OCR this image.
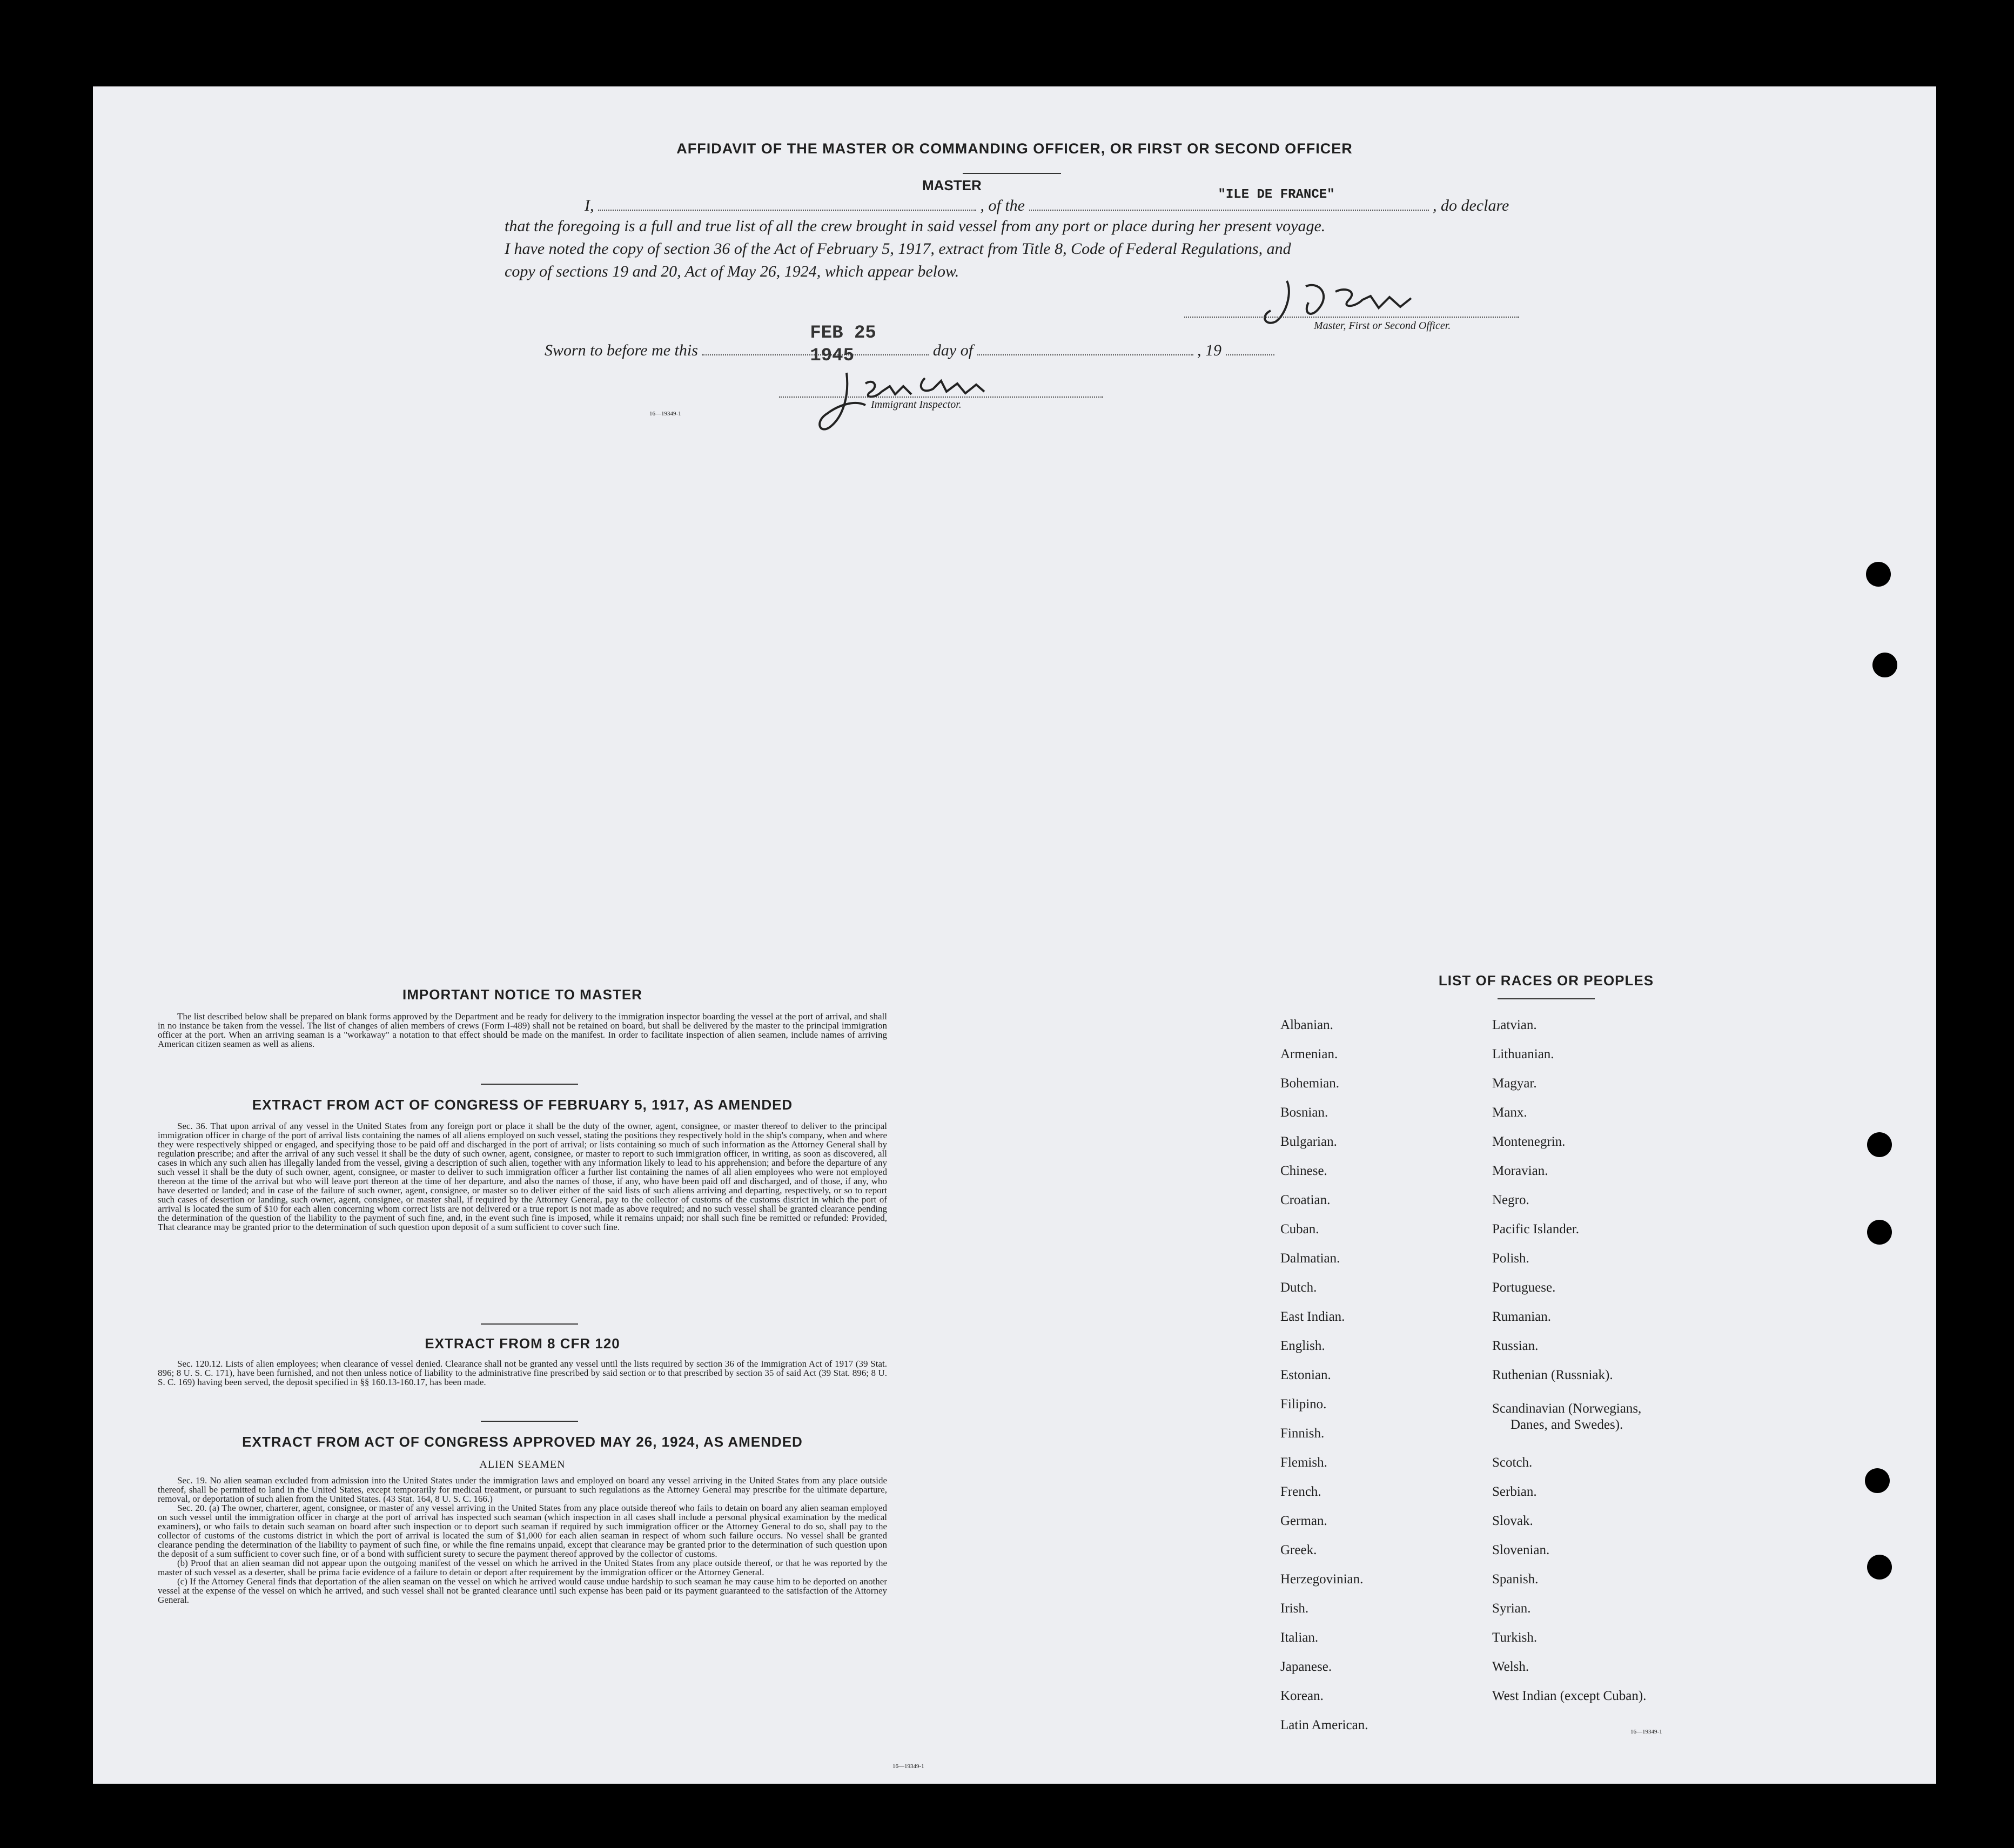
AFFIDAVIT OF THE MASTER OR COMMANDING OFFICER, OR FIRST OR SECOND OFFICER
I,
MASTER
, of the
"ILE DE FRANCE"
, do declare
that the foregoing is a full and true list of all the crew brought in said vessel from any port or place during her present voyage.
I have noted the copy of section 36 of the Act of February 5, 1917, extract from Title 8, Code of Federal Regulations, and
copy of sections 19 and 20, Act of May 26, 1924, which appear below.
Master, First or Second Officer.
Sworn to before me this
FEB 25 1945	day of	, 19
Immigrant Inspector.
16—19349-1
IMPORTANT NOTICE TO MASTER

The list described below shall be prepared on blank forms approved by the Department and be ready for delivery to the immigration inspector boarding the vessel at the port of arrival, and shall in no instance be taken from the vessel. The list of changes of alien members of crews (Form I-489) shall not be retained on board, but shall be delivered by the master to the principal immigration officer at the port. When an arriving seaman is a "workaway" a notation to that effect should be made on the manifest. In order to facilitate inspection of alien seamen, include names of arriving American citizen seamen as well as aliens.

EXTRACT FROM ACT OF CONGRESS OF FEBRUARY 5, 1917, AS AMENDED

Sec. 36. That upon arrival of any vessel in the United States from any foreign port or place it shall be the duty of the owner, agent, consignee, or master thereof to deliver to the principal immigration officer in charge of the port of arrival lists containing the names of all aliens employed on such vessel, stating the positions they respectively hold in the ship's company, when and where they were respectively shipped or engaged, and specifying those to be paid off and discharged in the port of arrival; or lists containing so much of such information as the Attorney General shall by regulation prescribe; and after the arrival of any such vessel it shall be the duty of such owner, agent, consignee, or master to report to such immigration officer, in writing, as soon as discovered, all cases in which any such alien has illegally landed from the vessel, giving a description of such alien, together with any information likely to lead to his apprehension; and before the departure of any such vessel it shall be the duty of such owner, agent, consignee, or master to deliver to such immigration officer a further list containing the names of all alien employees who were not employed thereon at the time of the arrival but who will leave port thereon at the time of her departure, and also the names of those, if any, who have been paid off and discharged, and of those, if any, who have deserted or landed; and in case of the failure of such owner, agent, consignee, or master so to deliver either of the said lists of such aliens arriving and departing, respectively, or so to report such cases of desertion or landing, such owner, agent, consignee, or master shall, if required by the Attorney General, pay to the collector of customs of the customs district in which the port of arrival is located the sum of $10 for each alien concerning whom correct lists are not delivered or a true report is not made as above required; and no such vessel shall be granted clearance pending the determination of the question of the liability to the payment of such fine, and, in the event such fine is imposed, while it remains unpaid; nor shall such fine be remitted or refunded: Provided, That clearance may be granted prior to the determination of such question upon deposit of a sum sufficient to cover such fine.

EXTRACT FROM 8 CFR 120

Sec. 120.12. Lists of alien employees; when clearance of vessel denied. Clearance shall not be granted any vessel until the lists required by section 36 of the Immigration Act of 1917 (39 Stat. 896; 8 U. S. C. 171), have been furnished, and not then unless notice of liability to the administrative fine prescribed by said section or to that prescribed by section 35 of said Act (39 Stat. 896; 8 U. S. C. 169) having been served, the deposit specified in §§ 160.13-160.17, has been made.

EXTRACT FROM ACT OF CONGRESS APPROVED MAY 26, 1924, AS AMENDED
ALIEN SEAMEN

Sec. 19. No alien seaman excluded from admission into the United States under the immigration laws and employed on board any vessel arriving in the United States from any place outside thereof, shall be permitted to land in the United States, except temporarily for medical treatment, or pursuant to such regulations as the Attorney General may prescribe for the ultimate departure, removal, or deportation of such alien from the United States. (43 Stat. 164, 8 U. S. C. 166.)

Sec. 20. (a) The owner, charterer, agent, consignee, or master of any vessel arriving in the United States from any place outside thereof who fails to detain on board any alien seaman employed on such vessel until the immigration officer in charge at the port of arrival has inspected such seaman (which inspection in all cases shall include a personal physical examination by the medical examiners), or who fails to detain such seaman on board after such inspection or to deport such seaman if required by such immigration officer or the Attorney General to do so, shall pay to the collector of customs of the customs district in which the port of arrival is located the sum of $1,000 for each alien seaman in respect of whom such failure occurs. No vessel shall be granted clearance pending the determination of the liability to payment of such fine, or while the fine remains unpaid, except that clearance may be granted prior to the determination of such question upon the deposit of a sum sufficient to cover such fine, or of a bond with sufficient surety to secure the payment thereof approved by the collector of customs.

(b) Proof that an alien seaman did not appear upon the outgoing manifest of the vessel on which he arrived in the United States from any place outside thereof, or that he was reported by the master of such vessel as a deserter, shall be prima facie evidence of a failure to detain or deport after requirement by the immigration officer or the Attorney General.

(c) If the Attorney General finds that deportation of the alien seaman on the vessel on which he arrived would cause undue hardship to such seaman he may cause him to be deported on another vessel at the expense of the vessel on which he arrived, and such vessel shall not be granted clearance until such expense has been paid or its payment guaranteed to the satisfaction of the Attorney General.

16—19349-1
LIST OF RACES OR PEOPLES
Albanian.
Armenian.
Bohemian.
Bosnian.
Bulgarian.
Chinese.
Croatian.
Cuban.
Dalmatian.
Dutch.
East Indian.
English.
Estonian.
Filipino.
Finnish.
Flemish.
French.
German.
Greek.
Herzegovinian.
Irish.
Italian.
Japanese.
Korean.
Latin American.
Latvian.
Lithuanian.
Magyar.
Manx.
Montenegrin.
Moravian.
Negro.
Pacific Islander.
Polish.
Portuguese.
Rumanian.
Russian.
Ruthenian (Russniak).
Scandinavian (Norwegians,
Danes, and Swedes).
Scotch.
Serbian.
Slovak.
Slovenian.
Spanish.
Syrian.
Turkish.
Welsh.
West Indian (except Cuban).
16—19349-1
